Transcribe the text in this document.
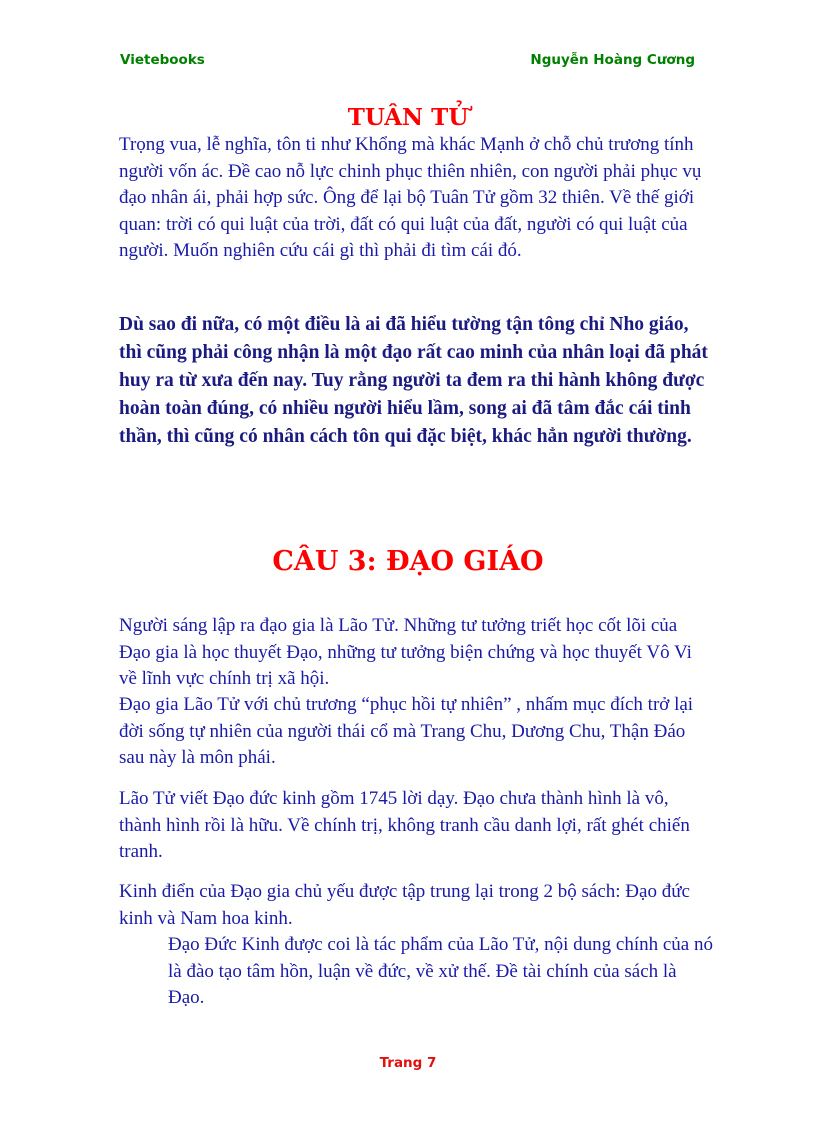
Vietebooks	Nguyễn Hoàng Cương
TUÂN TỬ

Trọng vua, lễ nghĩa, tôn ti như Khổng mà khác Mạnh ở chỗ chủ trương tính người vốn ác. Đề cao nỗ lực chinh phục thiên nhiên, con người phải phục vụ đạo nhân ái, phải hợp sức. Ông để lại bộ Tuân Tử gồm 32 thiên. Về thế giới quan: trời có qui luật của trời, đất có qui luật của đất, người có qui luật của người. Muốn nghiên cứu cái gì thì phải đi tìm cái đó.

Dù sao đi nữa, có một điều là ai đã hiểu tường tận tông chỉ Nho giáo, thì cũng phải công nhận là một đạo rất cao minh của nhân loại đã phát huy ra từ xưa đến nay. Tuy rằng người ta đem ra thi hành không được hoàn toàn đúng, có nhiều người hiểu lầm, song ai đã tâm đắc cái tinh thần, thì cũng có nhân cách tôn qui đặc biệt, khác hẳn người thường.

CÂU 3: ĐẠO GIÁO

Người sáng lập ra đạo gia là Lão Tử. Những tư tưởng triết học cốt lõi của Đạo gia là học thuyết Đạo, những tư tưởng biện chứng và học thuyết Vô Vi về lĩnh vực chính trị xã hội.

Đạo gia Lão Tử với chủ trương “phục hồi tự nhiên” , nhấm mục đích trở lại đời sống tự nhiên của người thái cổ mà Trang Chu, Dương Chu, Thận Đáo sau này là môn phái.

Lão Tử viết Đạo đức kinh gồm 1745 lời dạy. Đạo chưa thành hình là vô, thành hình rồi là hữu. Về chính trị, không tranh cầu danh lợi, rất ghét chiến tranh.

Kinh điển của Đạo gia chủ yếu được tập trung lại trong 2 bộ sách: Đạo đức kinh và Nam hoa kinh.

Đạo Đức Kinh được coi là tác phẩm của Lão Tử, nội dung chính của nó là đào tạo tâm hồn, luận về đức, về xử thế. Đề tài chính của sách là Đạo.

Trang 7
